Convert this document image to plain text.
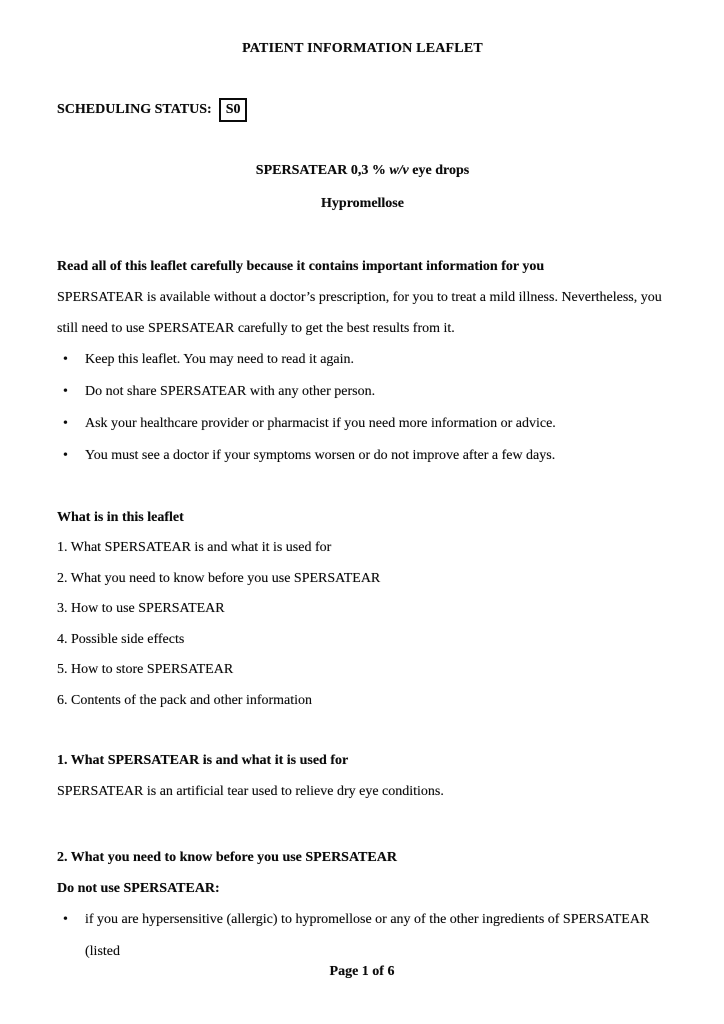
PATIENT INFORMATION LEAFLET
SCHEDULING STATUS:	S0
SPERSATEAR 0,3 % w/v eye drops
Hypromellose
Read all of this leaflet carefully because it contains important information for you
SPERSATEAR is available without a doctor’s prescription, for you to treat a mild illness. Nevertheless, you still need to use SPERSATEAR carefully to get the best results from it.
•	Keep this leaflet. You may need to read it again.
•	Do not share SPERSATEAR with any other person.
•	Ask your healthcare provider or pharmacist if you need more information or advice.
•	You must see a doctor if your symptoms worsen or do not improve after a few days.
What is in this leaflet
1. What SPERSATEAR is and what it is used for
2. What you need to know before you use SPERSATEAR
3. How to use SPERSATEAR
4. Possible side effects
5. How to store SPERSATEAR
6. Contents of the pack and other information
1. What SPERSATEAR is and what it is used for
SPERSATEAR is an artificial tear used to relieve dry eye conditions.
2. What you need to know before you use SPERSATEAR
Do not use SPERSATEAR:
•	if you are hypersensitive (allergic) to hypromellose or any of the other ingredients of SPERSATEAR (listed
Page 1 of 6
